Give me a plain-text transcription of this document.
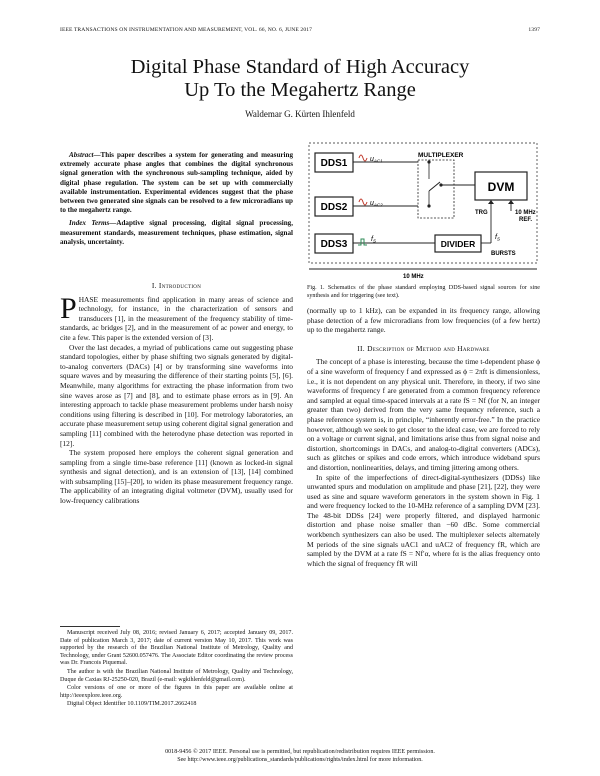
IEEE TRANSACTIONS ON INSTRUMENTATION AND MEASUREMENT, VOL. 66, NO. 6, JUNE 2017	1397
Digital Phase Standard of High Accuracy
Up To the Megahertz Range
Waldemar G. Kürten Ihlenfeld

Abstract—This paper describes a system for generating and measuring extremely accurate phase angles that combines the digital synchronous signal generation with the synchronous sub-sampling technique, aided by digital phase regulation. The system can be set up with commercially available instrumentation. Experimental evidences suggest that the phase between two generated sine signals can be resolved to a few microradians up to the megahertz range.

Index Terms—Adaptive signal processing, digital signal processing, measurement standards, measurement techniques, phase estimation, signal analysis, uncertainty.

I. Introduction

PHASE measurements find application in many areas of science and technology, for instance, in the characterization of sensors and transducers [1], in the measurement of the frequency stability of time-standards, ac bridges [2], and in the measurement of ac power and energy, to cite a few. This paper is the extended version of [3].

Over the last decades, a myriad of publications came out suggesting phase standard topologies, either by phase shifting two signals generated by digital-to-analog converters (DACs) [4] or by transforming sine waveforms into square waves and by measuring the difference of their starting points [5], [6]. Meanwhile, many algorithms for extracting the phase information from two sine waves arose as [7] and [8], and to estimate phase errors as in [9]. An interesting approach to tackle phase measurement problems under harsh noisy conditions using filtering is described in [10]. For metrology laboratories, an accurate phase measurement setup using coherent digital signal generation and sampling [11] combined with the heterodyne phase detection was reported in [12].

The system proposed here employs the coherent signal generation and sampling from a single time-base reference [11] (known as locked-in signal synthesis and signal detection), and is an extension of [13], [14] combined with subsampling [15]–[20], to widen its phase measurement frequency range. The applicability of an integrating digital voltmeter (DVM), usually used for low-frequency calibrations

Manuscript received July 08, 2016; revised January 6, 2017; accepted January 09, 2017. Date of publication March 3, 2017; date of current version May 10, 2017. This work was supported by the research of the Brazilian National Institute of Metrology, Quality and Technology, under Grant 52600.057476. The Associate Editor coordinating the review process was Dr. Francois Piquemal.

The author is with the Brazilian National Institute of Metrology, Quality and Technology, Duque de Caxias RJ-25250-020, Brazil (e-mail: wgkihlenfeld@gmail.com).

Color versions of one or more of the figures in this paper are available online at http://ieeexplore.ieee.org.

Digital Object Identifier 10.1109/TIM.2017.2662418

DDS1
DDS2
DDS3
$u_{AC1}$
$u_{AC2}$
MULTIPLEXER
DVM
TRG	10 MHz
REF.
$f_S$	DIVIDER
$f_S$
BURSTS
10 MHz
Fig. 1. Schematics of the phase standard employing DDS-based signal sources for sine synthesis and for triggering (see text).

(normally up to 1 kHz), can be expanded in its frequency range, allowing phase detection of a few microradians from low frequencies (of a few hertz) up to the megahertz range.

II. Description of Method and Hardware

The concept of a phase is interesting, because the time t-dependent phase ϕ of a sine waveform of frequency f and expressed as ϕ = 2πft is dimensionless, i.e., it is not dependent on any physical unit. Therefore, in theory, if two sine waveforms of frequency f are generated from a common frequency reference and sampled at equal time-spaced intervals at a rate fS = Nf (for N, an integer greater than two) derived from the very same frequency reference, such a phase reference system is, in principle, “inherently error-free.” In the practice however, although we seek to get closer to the ideal case, we are forced to rely on a voltage or current signal, and limitations arise thus from signal noise and distortion, shortcomings in DACs, and analog-to-digital converters (ADCs), such as glitches or spikes and code errors, which introduce wideband spurs and distortion, nonlinearities, delays, and timing jittering among others.

In spite of the imperfections of direct-digital-synthesizers (DDSs) like unwanted spurs and modulation on amplitude and phase [21], [22], they were used as sine and square waveform generators in the system shown in Fig. 1 and were frequency locked to the 10-MHz reference of a sampling DVM [23]. The 48-bit DDSs [24] were properly filtered, and displayed harmonic distortion and phase noise smaller than −60 dBc. Some commercial workbench synthesizers can also be used. The multiplexer selects alternately M periods of the sine signals uAC1 and uAC2 of frequency fR, which are sampled by the DVM at a rate fS = Nf′α, where fα is the alias frequency onto which the signal of frequency fR will

0018-9456 © 2017 IEEE. Personal use is permitted, but republication/redistribution requires IEEE permission.
See http://www.ieee.org/publications_standards/publications/rights/index.html for more information.
